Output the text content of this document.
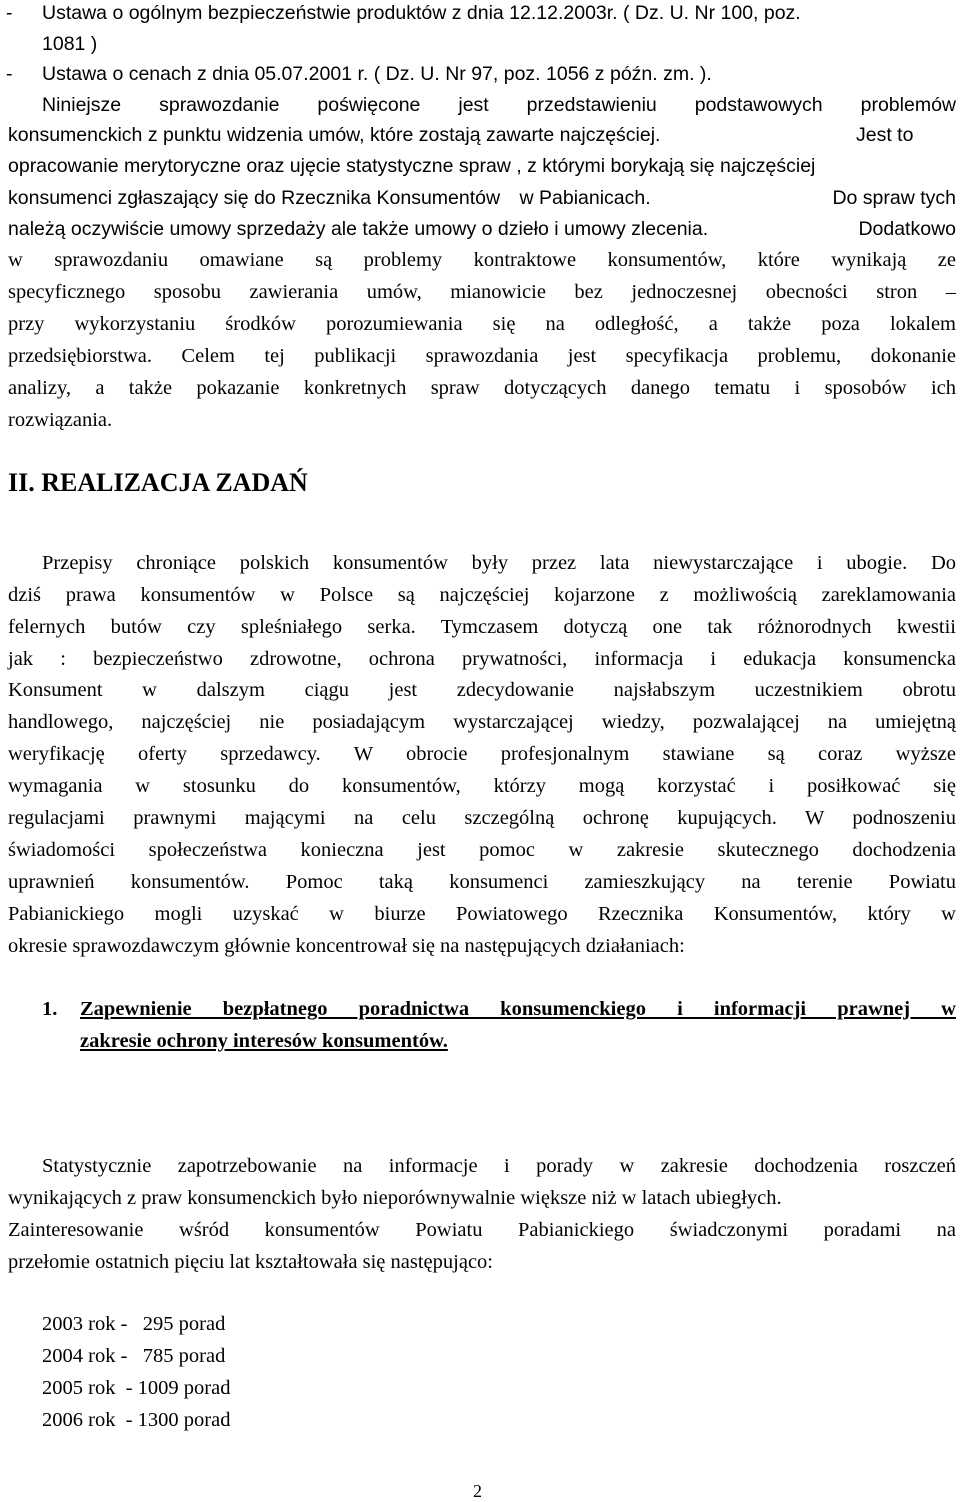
- Ustawa o ogólnym bezpieczeństwie produktów z dnia 12.12.2003r. ( Dz. U. Nr 100, poz.
1081 )
- Ustawa o cenach z dnia 05.07.2001 r. ( Dz. U. Nr 97, poz. 1056 z późn. zm. ).
Niniejsze sprawozdanie poświęcone jest przedstawieniu podstawowych problemów
konsumenckich z punktu widzenia umów, które zostają zawarte najczęściej.	Jest to
opracowanie merytoryczne oraz ujęcie statystyczne spraw , z którymi borykają się najczęściej
konsumenci zgłaszający się do Rzecznika Konsumentów w Pabianicach.	Do spraw tych
należą oczywiście umowy sprzedaży ale także umowy o dzieło i umowy zlecenia.	Dodatkowo
w sprawozdaniu omawiane są problemy kontraktowe konsumentów, które wynikają ze
specyficznego sposobu zawierania umów, mianowicie bez jednoczesnej obecności stron –
przy wykorzystaniu środków porozumiewania się na odległość, a także poza lokalem
przedsiębiorstwa. Celem tej publikacji sprawozdania jest specyfikacja problemu, dokonanie
analizy, a także pokazanie konkretnych spraw dotyczących danego tematu i sposobów ich
rozwiązania.
II. REALIZACJA ZADAŃ
Przepisy chroniące polskich konsumentów były przez lata niewystarczające i ubogie. Do
dziś prawa konsumentów w Polsce są najczęściej kojarzone z możliwością zareklamowania
felernych butów czy spleśniałego serka. Tymczasem dotyczą one tak różnorodnych kwestii
jak : bezpieczeństwo zdrowotne, ochrona prywatności, informacja i edukacja konsumencka
Konsument w dalszym ciągu jest zdecydowanie najsłabszym uczestnikiem obrotu
handlowego, najczęściej nie posiadającym wystarczającej wiedzy, pozwalającej na umiejętną
weryfikację oferty sprzedawcy. W obrocie profesjonalnym stawiane są coraz wyższe
wymagania w stosunku do konsumentów, którzy mogą korzystać i posiłkować się
regulacjami prawnymi mającymi na celu szczególną ochronę kupujących. W podnoszeniu
świadomości społeczeństwa konieczna jest pomoc w zakresie skutecznego dochodzenia
uprawnień konsumentów. Pomoc taką konsumenci zamieszkujący na terenie Powiatu
Pabianickiego mogli uzyskać w biurze Powiatowego Rzecznika Konsumentów, który w
okresie sprawozdawczym głównie koncentrował się na następujących działaniach:
1. Zapewnienie bezpłatnego poradnictwa konsumenckiego i informacji prawnej w
zakresie ochrony interesów konsumentów.
Statystycznie zapotrzebowanie na informacje i porady w zakresie dochodzenia roszczeń
wynikających z praw konsumenckich było nieporównywalnie większe niż w latach ubiegłych.
Zainteresowanie wśród konsumentów Powiatu Pabianickiego świadczonymi poradami na
przełomie ostatnich pięciu lat kształtowała się następująco:
2003 rok -   295 porad
2004 rok -   785 porad
2005 rok  - 1009 porad
2006 rok  - 1300 porad
2
